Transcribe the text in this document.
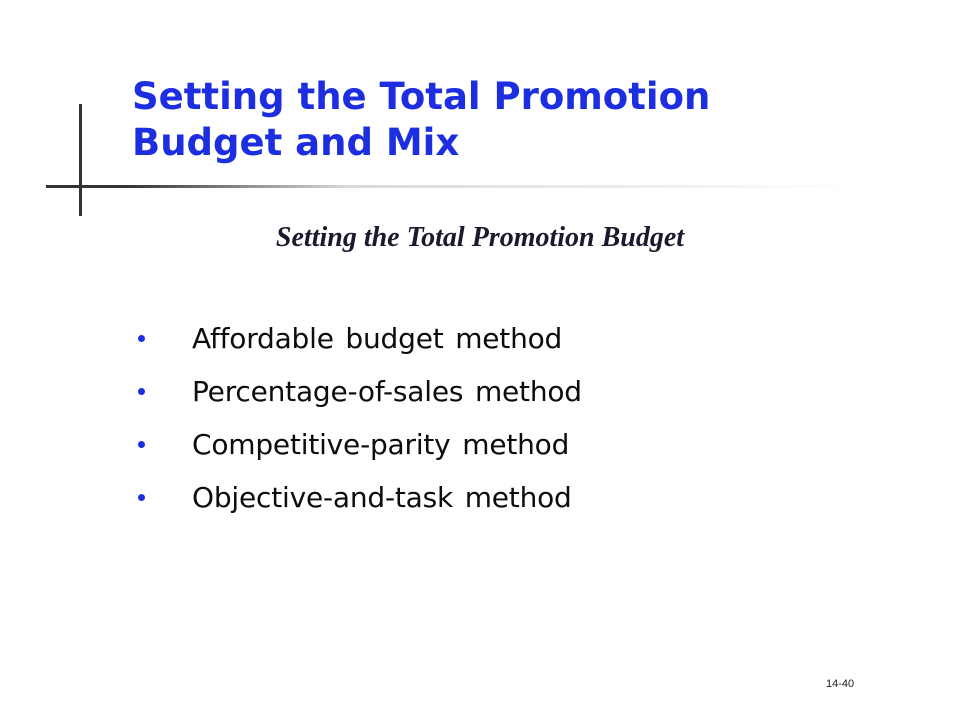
Setting the Total Promotion
Budget and Mix
Setting the Total Promotion Budget
Affordable budget method
Percentage-of-sales method
Competitive-parity method
Objective-and-task method
14-40
